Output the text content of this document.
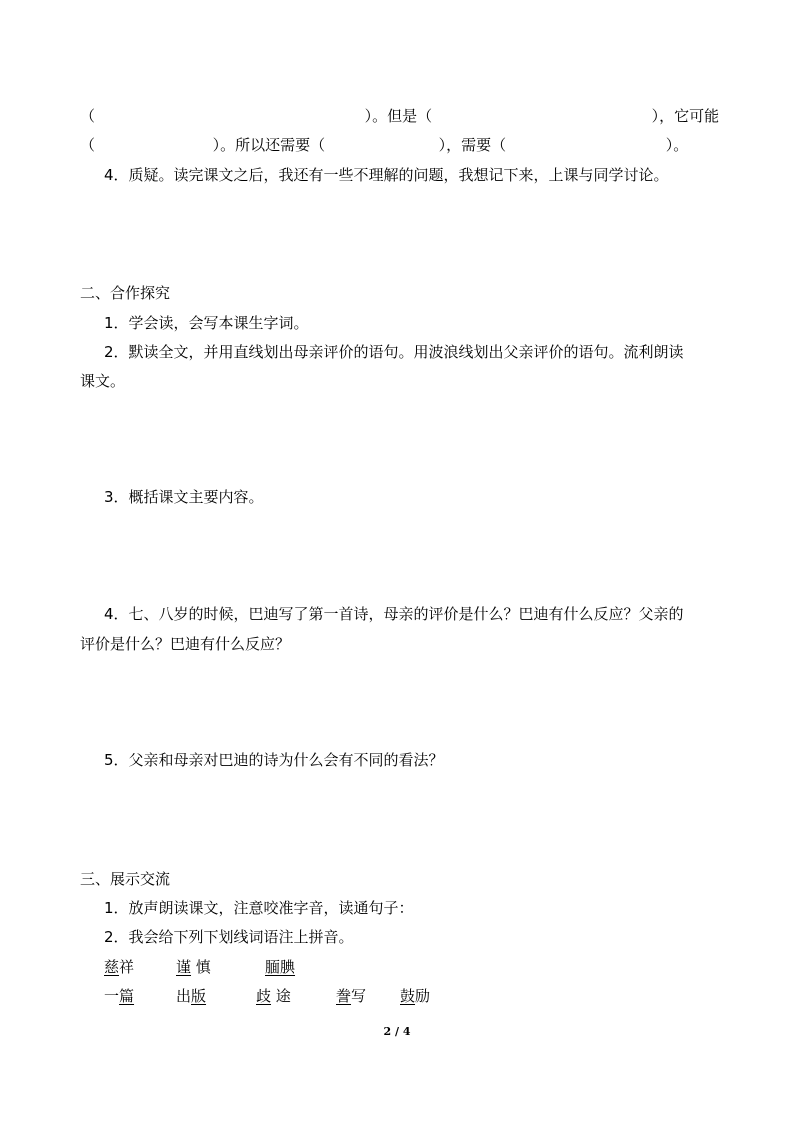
（	）。但是（	），它可能
（	）。所以还需要（	），需要（	）。
4．质疑。读完课文之后，我还有一些不理解的问题，我想记下来，上课与同学讨论。
二、合作探究
1．学会读，会写本课生字词。
2．默读全文，并用直线划出母亲评价的语句。用波浪线划出父亲评价的语句。流利朗读
课文。
3．概括课文主要内容。
4．七、八岁的时候，巴迪写了第一首诗，母亲的评价是什么？巴迪有什么反应？父亲的
评价是什么？巴迪有什么反应？
5．父亲和母亲对巴迪的诗为什么会有不同的看法？
三、展示交流
1．放声朗读课文，注意咬准字音，读通句子：
2．我会给下列下划线词语注上拼音。
慈祥	谨 慎	腼腆
一篇	出版	歧 途	誊写 鼓励
2 / 4
